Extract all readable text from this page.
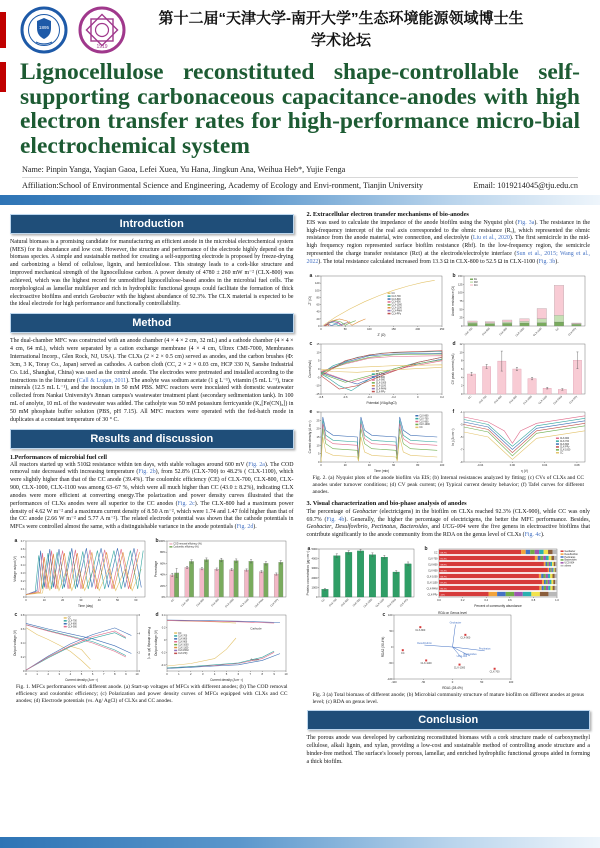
1895
1919
第十二届“天津大学-南开大学”生态环境能源领域博士生
学术论坛
Lignocellulose reconstituted shape-controllable self-supporting carbonaceous capacitance-anodes with high electron transfer rates for high-performance micro-bial electrochemical system

Name: Pinpin Yanga, Yaqian Gaoa, Lefei Xuea, Yu Hana, Jingkun Ana, Weihua Heb*, Yujie Fenga

Affiliation:School of Environmental Science and Engineering, Academy of Ecology and Envi-ronment, Tianjin University	Email: 1019214045@tju.edu.cn
Introduction

Natural biomass is a promising candidate for manufacturing an efficient anode in the microbial electrochemical system (MES) for its abundance and low cost. However, the structure and performance of the electrode highly depend on the biomass species. A simple and sustainable method for creating a self-supporting electrode is proposed by freeze-drying and carbonizing a blend of cellulose, lignin, and hemicellulose. This strategy leads to a cork-like structure and improved mechanical strength of the lignocellulose carbon. A power density of 4780 ± 260 mW m⁻² (CLX-800) was achieved, which was the highest record for unmodified lignocellulose-based anodes in the microbial fuel cells. The morphological as lamellar multilayer and rich in hydrophilic functional groups could facilitate the formation of thick electroactive biofilms and enrich Geobacter with the highest abundance of 92.3%. The CLX material is expected to be the ideal electrode for high performance and functionally controllability.

Method

The dual-chamber MFC was constructed with an anode chamber (4 × 4 × 2 cm, 32 mL) and a cathode chamber (4 × 4 × 4 cm, 64 mL), which were separated by a cation exchange membrane (4 × 4 cm, Ultrex CMI-7000, Membranes International Incorp., Glen Rock, NJ, USA). The CLXs (2 × 2 × 0.5 cm) served as anodes, and the carbon brushes (Φ: 3cm, 3 K, Toray Co., Japan) served as cathodes. A carbon cloth (CC, 2 × 2 × 0.03 cm, HCP 330 N, Sanshe Industrial Co. Ltd., Shanghai, China) was used as the control anode. The electrodes were pretreated and installed according to the instructions in the literature (Call & Logan, 2011). The anolyte was sodium acetate (1 g L⁻¹), vitamin (5 mL L⁻¹), trace minerals (12.5 mL L⁻¹), and the inoculum in 50 mM PBS. MFC reactors were inoculated with domestic wastewater collected from Nankai University's Jinnan campus's wastewater treatment plant (secondary sedimentation tank). In 100 mL of anolyte, 10 mL of the wastewater was added. The catholyte was 50 mM potassium ferricyanide (K₃[Fe(CN)₆]) in 50 mM phosphate buffer solution (PBS, pH 7.15). All MFC reactors were operated with the fed-batch mode in duplicates at a constant temperature of 30 ° C.

Results and discussion
1.Performances of microbial fuel cell

All reactors started up with 510Ω resistance within ten days, with stable voltages around 600 mV (Fig. 2a). The COD removal rate decreased with increasing temperature (Fig. 2b), from 52.8% (CLX-700) to 48.2% ( CLX-1100), which were slightly higher than that of the CC anode (39.4%). The coulombic efficiency (CE) of CLX-700, CLX-800, CLX-900, CLX-1000, CLX-1100 was among 63–67 %, which were all much higher than CC (43.0 ± 8.2%), indicating CLX anodes were more efficient at converting energy.The polarization and power density curves illustrated that the performances of CLXs anodes were all superior to the CC anodes (Fig. 2c). The CLX-800 had a maximum power density of 4.62 W m⁻² and a maximum current density of 8.50 A m⁻², which were 1.74 and 1.47 fold higher than that of the CC anode (2.66 W m⁻² and 5.77 A m⁻²). The related electrode potential was shown that the cathode potentials in MFCs were controlled almost the same, with a distinguishable variance in the anode potentials (Fig. 2d).

a
0
0.1
0.2
0.3
0.4
0.5
0.6
0.7
0	10	20	30	40	50	60
Time (day)
Voltage output (V)
b
0%
20%
40%
60%
80%
100%
Percentage
CC CLX-700 CLX-800 CLX-900 CLX-1000 CLX-1100 CLX-PANI CLX-PPy
COD removal efficiency (%)
Coulombic efficiency (%)
c
0
0.2
0.4
0.6
0.8
0
2
4
6
0	1	2	3	4	5	6	7	8	9	10
Current density (A m⁻²)
Output voltage (V)	Power density (W m⁻²)
CC
CLX-700
CLX-800
CLX-900
d
-0.4
-0.2
0
0.2
0.4
0	1	2	3	4	5	6	7	8	9	10
Current density (A m⁻²)
Output voltage (V)
Cathode
Anode
CC
CLX-700
CLX-800
CLX-900
CLX-1000
CLX-1100
CLX-PANI
CLX-PPy

Fig. 1. MFCs performances with different anode. (a) Start-up voltages of MFCs with different anodes; (b) The COD removal efficiency and coulombic efficiency; (c) Polarization and power density curves of MFCs equipped with CLXs and CC anodes; (d) Electrode potentials (vs. Ag/ AgCl) of CLXs and CC anodes.

2. Extracellular electron transfer mechanisms of bio-anodes

EIS was used to calculate the impedance of the anode biofilm using the Nyquist plot (Fig. 3a). The resistance in the high-frequency intercept of the real axis corresponded to the ohmic resistance (Rₒ), which represented the ohmic resistance from the anode material, wire connection, and electrolyte (Liu et al., 2020). The first semicircle in the mid-high frequency region represented surface biofilm resistance (Rbf). In the low-frequency region, the semicircle represented the charge transfer resistance (Rct) at the electrode/electrolyte interface (Sun et al., 2015; Wang et al., 2022). The total resistance calculated increased from 13.3 Ω in CLX-800 to 52.5 Ω in CLX-1100 (Fig. 3b).

a
0
20
40
60
80
100
120
140
0	50	100	150	200	250
Z' (Ω)
-Z'' (Ω)
CC
CLX-700
CLX-800
CLX-900
CLX-1000
CLX-1100
CLX-PANI
CLX-PPy
b
0
25
50
75
100
125
150
Anode resistance (Ω)
CLX-700	CLX-800	CLX-900	CLX-1000	CLX-1100	CC	CLX-PPy
Ro
Rbf
Rct
c
-15
-10
-5
0
5
10
15
-0.8	-0.6	-0.4	-0.2	0	0.2
Potential (V/Ag/AgCl)
Current(mA)	CC
CLX-700
CLX-800
CLX-900
CLX-1000
CLX-1100
CLX-PANI
CLX-PPy
d
0
2
4
6
8
10
12
CV peak current (mA)
CC CLX-700 CLX-800 CLX-900 CLX-1000 CLX-1100 CLX-PANI CLX-PPy
e
0
5
10
15
20
25
30
0	20	40	60	80	100
Time (min)
Current density (A m⁻²)
CLX-800
CLX-700
CLX-900
CLX-1000
CC
f
-9
-7
-5
-3
-1
-0.04	0.00	0.04	0.08
η (V)
ln j (A cm⁻²)	CLX-900
CLX-700
CLX-800
CLX-PPy
CLX-1000
CC

Fig. 2. (a) Nyquist plots of the anode biofilm via EIS; (b) Internal resistances analyzed by fitting; (c) CVs of CLXs and CC anodes under turnover conditions; (d) CV peak current; (e) Typical current density behavior; (f) Tafel curves for different anodes.

3. Visual characterization and bio-phase analysis of anodes

The percentage of Geobacter (electricigens) in the biofilm on CLXs reached 92.3% (CLX-900), while CC was only 69.7% (Fig. 4b). Generally, the higher the percentage of electricigens, the better the MFC performance. Besides, Geobacter, Desulfovibrio, Pectinatus, Bacteroides, and UCG-004 were the five genera in electroactive biofilms that contribute significantly to the anode community from the RDA on the genus level of CLXs (Fig. 4c).

a
0
1000
2000
3000
4000
5000
Protein concentration (μg cm⁻²)
CC CLX-700 CLX-800 CLX-900 CLX-1000 CLX-1100 CLX-PANI CLX-PPy
b
0.0	0.2	0.4	0.6	0.8	1.0
Percent of community abundance
69.7%
CC
81.3%
CLX-700
88.9%
CLX-800
92.3%
CLX-900
84.7%
CLX-1000
87.4%
CLX-1100
85.1%
CLX-PANI
42%
CLX-PPy
Geobacter
Desulfovibrio
Pectinatus
Bacteroides
UCG-004
others
c	RDA on Genus level
-100
-50
0
50
100
-100	-50	0	50	100
RDA1 (28.4%)
RDA2 (30.4%)
Geobacter
Desulfovibrio
Pectinatus
UCG-004
Bacteroides
CLX-800
CLX-900
CLX-1100
CLX-1000
CLX-700
CC

Fig. 3 (a) Total biomass of different anode; (b) Microbial community structure of mature biofilm on different anodes at genus level; (c) RDA on genus level.

Conclusion

The porous anode was developed by carbonizing reconstituted biomass with a cork structure made of carboxymethyl cellulose, alkali lignin, and xylan, providing a low-cost and sustainable method of controlling anode structure and a binder-free method. The surface's loosely porous, lamellar, and enriched hydrophilic functional groups aided in forming a thick biofilm.
